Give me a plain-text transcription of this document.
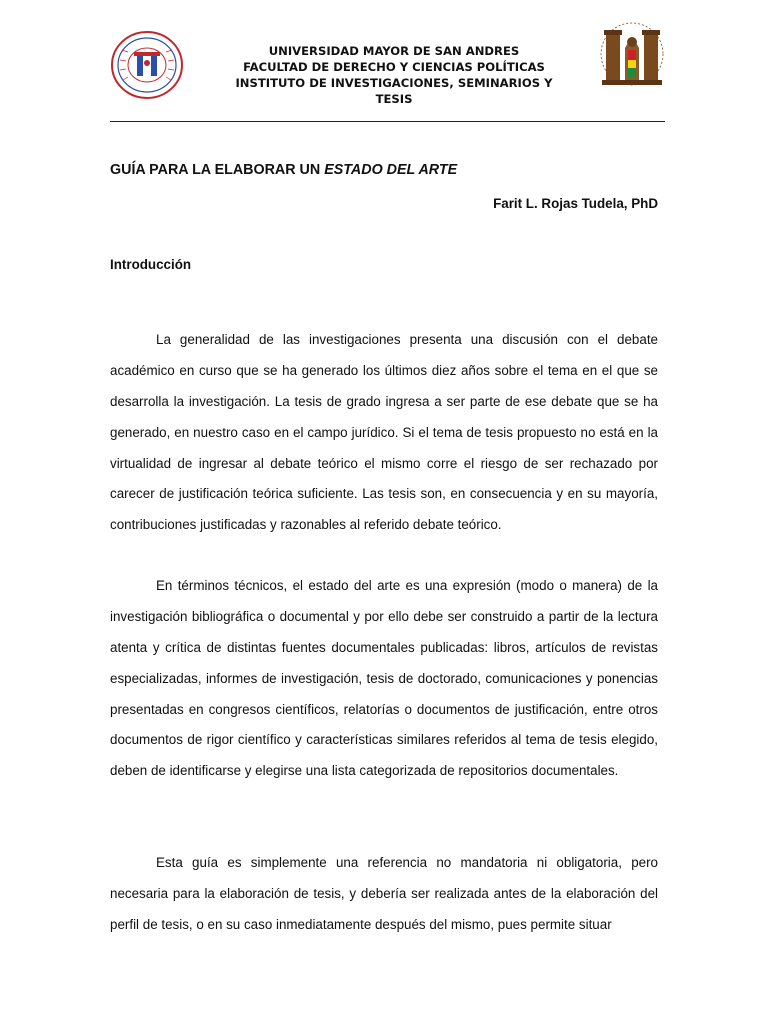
UNIVERSIDAD MAYOR DE SAN ANDRES
FACULTAD DE DERECHO Y CIENCIAS POLÍTICAS
INSTITUTO DE INVESTIGACIONES, SEMINARIOS Y
TESIS
GUÍA PARA LA ELABORAR UN ESTADO DEL ARTE
Farit L. Rojas Tudela, PhD
Introducción

La generalidad de las investigaciones presenta una discusión con el debate académico en curso que se ha generado los últimos diez años sobre el tema en el que se desarrolla la investigación. La tesis de grado ingresa a ser parte de ese debate que se ha generado, en nuestro caso en el campo jurídico. Si el tema de tesis propuesto no está en la virtualidad de ingresar al debate teórico el mismo corre el riesgo de ser rechazado por carecer de justificación teórica suficiente. Las tesis son, en consecuencia y en su mayoría, contribuciones justificadas y razonables al referido debate teórico.

En términos técnicos, el estado del arte es una expresión (modo o manera) de la investigación bibliográfica o documental y por ello debe ser construido a partir de la lectura atenta y crítica de distintas fuentes documentales publicadas: libros, artículos de revistas especializadas, informes de investigación, tesis de doctorado, comunicaciones y ponencias presentadas en congresos científicos, relatorías o documentos de justificación, entre otros documentos de rigor científico y características similares referidos al tema de tesis elegido, deben de identificarse y elegirse una lista categorizada de repositorios documentales.

Esta guía es simplemente una referencia no mandatoria ni obligatoria, pero necesaria para la elaboración de tesis, y debería ser realizada antes de la elaboración del perfil de tesis, o en su caso inmediatamente después del mismo, pues permite situar
